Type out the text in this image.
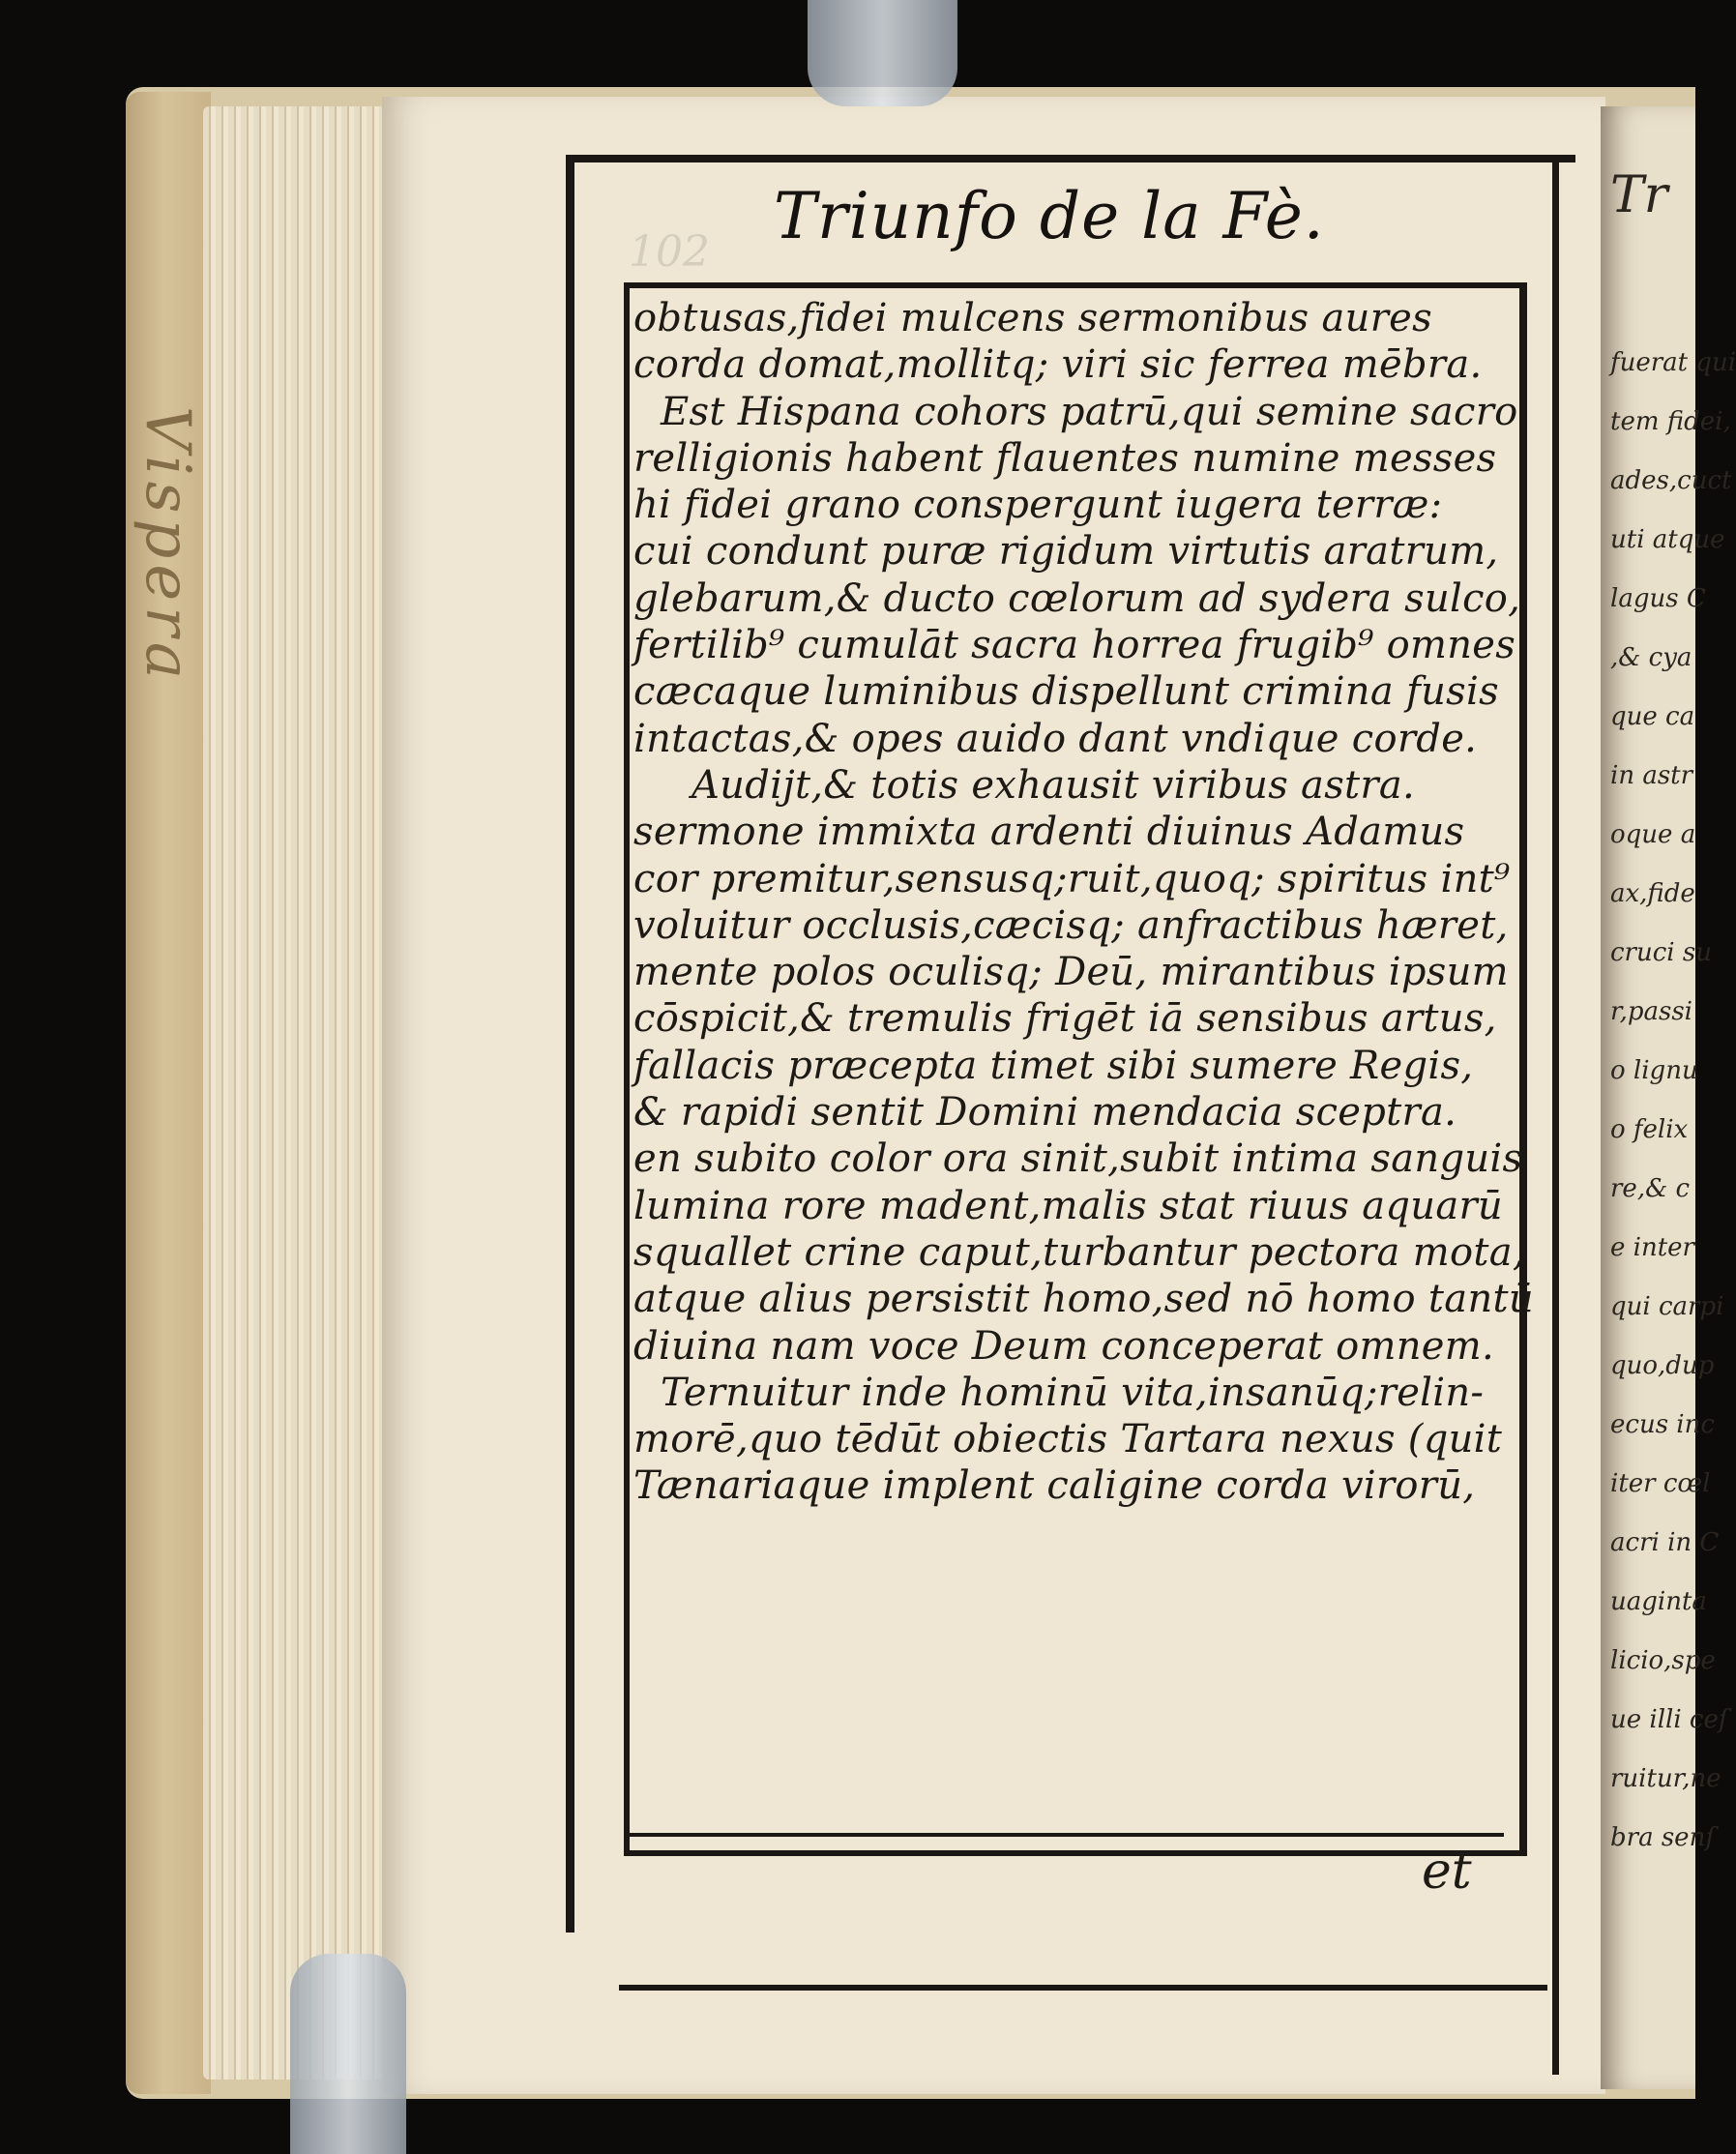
Vispera
Tr
fuerat qui
tem fidei,
ades,cuct
uti atque
lagus C
,& cya
que ca
in astr
oque a
ax,fide
cruci su
r,passi
o lignu
o felix
re,& c
e inter
qui carpi
quo,dup
ecus inc
iter cœl
acri in C
uaginta
licio,spe
ue illi ceſ
ruitur,ne
bra senſ
102 Triunfo de la Fè.
obtusas,fidei mulcens sermonibus aures
corda domat,mollitq; viri sic ferrea mēbra.
Est Hispana cohors patrū,qui semine sacro
relligionis habent flauentes numine messes
hi fidei grano conspergunt iugera terræ:
cui condunt puræ rigidum virtutis aratrum,
glebarum,& ducto cœlorum ad sydera sulco,
fertilib⁹ cumulāt sacra horrea frugib⁹ omnes
cæcaque luminibus dispellunt crimina fusis
intactas,& opes auido dant vndique corde.
Audijt,& totis exhausit viribus astra.
sermone immixta ardenti diuinus Adamus
cor premitur,sensusq;ruit,quoq; spiritus int⁹
voluitur occlusis,cæcisq; anfractibus hæret,
mente polos oculisq; Deū, mirantibus ipsum
cōspicit,& tremulis frigēt iā sensibus artus,
fallacis præcepta timet sibi sumere Regis,
& rapidi sentit Domini mendacia sceptra.
en subito color ora sinit,subit intima sanguis
lumina rore madent,malis stat riuus aquarū
squallet crine caput,turbantur pectora mota,
atque alius persistit homo,sed nō homo tantū
diuina nam voce Deum conceperat omnem.
Ternuitur inde hominū vita,insanūq;relin-
morē,quo tēdūt obiectis Tartara nexus (quit
Tænariaque implent caligine corda virorū,
et
